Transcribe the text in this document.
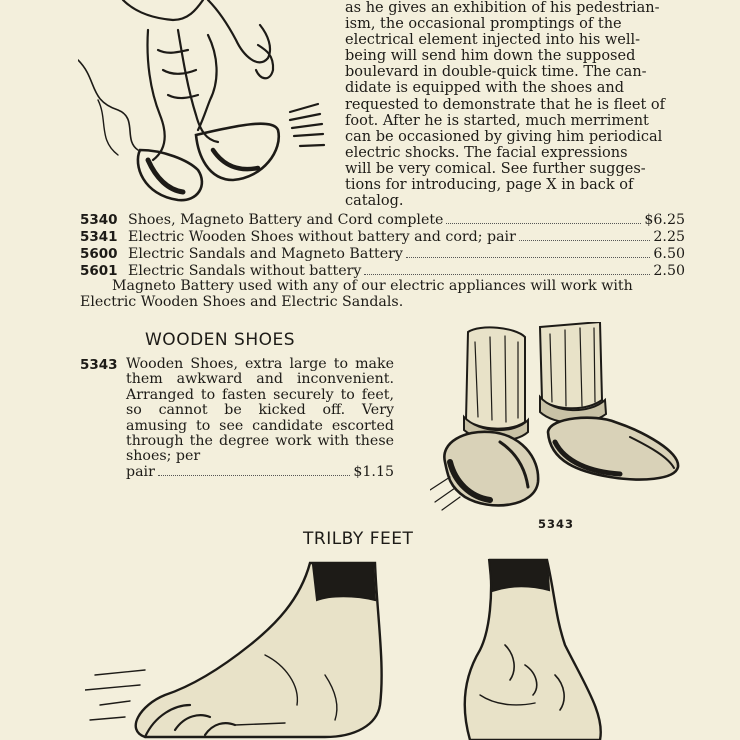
as he gives an exhibition of his pedestrian-

ism, the occasional promptings of the

electrical element injected into his well-

being will send him down the supposed

boulevard in double-quick time. The can-

didate is equipped with the shoes and

requested to demonstrate that he is fleet of

foot. After he is started, much merriment

can be occasioned by giving him periodical

electric shocks. The facial expressions

will be very comical. See further sugges-

tions for introducing, page X in back of

catalog.

5340 Shoes, Magneto Battery and Cord complete	$6.25
5341 Electric Wooden Shoes without battery and cord; pair	2.25
5600 Electric Sandals and Magneto Battery	6.50
5601 Electric Sandals without battery	2.50
Magneto Battery used with any of our electric appliances will work with
Electric Wooden Shoes and Electric Sandals.
WOODEN SHOES
5343 Wooden Shoes, extra large to make them awkward and inconvenient. Arranged to fasten securely to feet, so cannot be kicked off. Very amusing to see candidate escorted through the degree work with these shoes; per
pair	$1.15
5343
TRILBY FEET
